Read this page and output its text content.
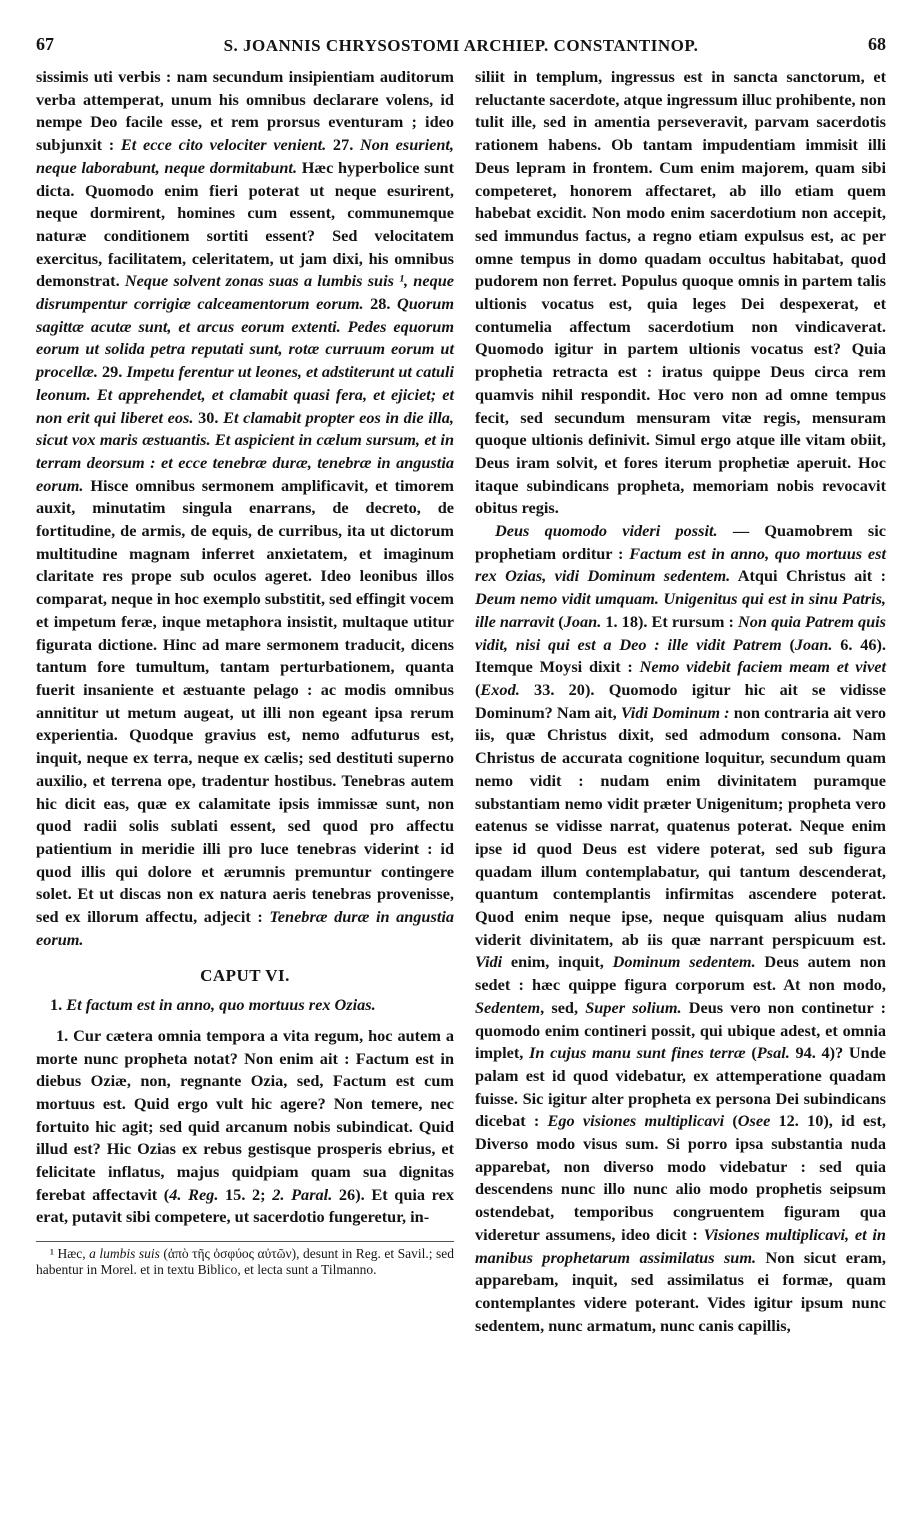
67	S. JOANNIS CHRYSOSTOMI ARCHIEP. CONSTANTINOP.	68

sissimis uti verbis : nam secundum insipientiam auditorum verba attemperat, unum his omnibus declarare volens, id nempe Deo facile esse, et rem prorsus eventuram ; ideo subjunxit : Et ecce cito velociter venient. 27. Non esurient, neque laborabunt, neque dormitabunt. Hæc hyperbolice sunt dicta. Quomodo enim fieri poterat ut neque esurirent, neque dormirent, homines cum essent, communemque naturæ conditionem sortiti essent? Sed velocitatem exercitus, facilitatem, celeritatem, ut jam dixi, his omnibus demonstrat. Neque solvent zonas suas a lumbis suis ¹, neque disrumpentur corrigiæ calceamentorum eorum. 28. Quorum sagittæ acutæ sunt, et arcus eorum extenti. Pedes equorum eorum ut solida petra reputati sunt, rotæ curruum eorum ut procellæ. 29. Impetu ferentur ut leones, et adstiterunt ut catuli leonum. Et apprehendet, et clamabit quasi fera, et ejiciet; et non erit qui liberet eos. 30. Et clamabit propter eos in die illa, sicut vox maris æstuantis. Et aspicient in cælum sursum, et in terram deorsum : et ecce tenebræ duræ, tenebræ in angustia eorum. Hisce omnibus sermonem amplificavit, et timorem auxit, minutatim singula enarrans, de decreto, de fortitudine, de armis, de equis, de curribus, ita ut dictorum multitudine magnam inferret anxietatem, et imaginum claritate res prope sub oculos ageret. Ideo leonibus illos comparat, neque in hoc exemplo substitit, sed effingit vocem et impetum feræ, inque metaphora insistit, multaque utitur figurata dictione. Hinc ad mare sermonem traducit, dicens tantum fore tumultum, tantam perturbationem, quanta fuerit insaniente et æstuante pelago : ac modis omnibus annititur ut metum augeat, ut illi non egeant ipsa rerum experientia. Quodque gravius est, nemo adfuturus est, inquit, neque ex terra, neque ex cælis; sed destituti superno auxilio, et terrena ope, tradentur hostibus. Tenebras autem hic dicit eas, quæ ex calamitate ipsis immissæ sunt, non quod radii solis sublati essent, sed quod pro affectu patientium in meridie illi pro luce tenebras viderint : id quod illis qui dolore et ærumnis premuntur contingere solet. Et ut discas non ex natura aeris tenebras provenisse, sed ex illorum affectu, adjecit : Tenebræ duræ in angustia eorum.

CAPUT VI.

1. Et factum est in anno, quo mortuus rex Ozias.

1. Cur cætera omnia tempora a vita regum, hoc autem a morte nunc propheta notat? Non enim ait : Factum est in diebus Oziæ, non, regnante Ozia, sed, Factum est cum mortuus est. Quid ergo vult hic agere? Non temere, nec fortuito hic agit; sed quid arcanum nobis subindicat. Quid illud est? Hic Ozias ex rebus gestisque prosperis ebrius, et felicitate inflatus, majus quidpiam quam sua dignitas ferebat affectavit (4. Reg. 15. 2; 2. Paral. 26). Et quia rex erat, putavit sibi competere, ut sacerdotio fungeretur, in-

¹ Hæc, a lumbis suis (ἀπὸ τῆς ὀσφύος αὐτῶν), desunt in Reg. et Savil.; sed habentur in Morel. et in textu Biblico, et lecta sunt a Tilmanno.

siliit in templum, ingressus est in sancta sanctorum, et reluctante sacerdote, atque ingressum illuc prohibente, non tulit ille, sed in amentia perseveravit, parvam sacerdotis rationem habens. Ob tantam impudentiam immisit illi Deus lepram in frontem. Cum enim majorem, quam sibi competeret, honorem affectaret, ab illo etiam quem habebat excidit. Non modo enim sacerdotium non accepit, sed immundus factus, a regno etiam expulsus est, ac per omne tempus in domo quadam occultus habitabat, quod pudorem non ferret. Populus quoque omnis in partem talis ultionis vocatus est, quia leges Dei despexerat, et contumelia affectum sacerdotium non vindicaverat. Quomodo igitur in partem ultionis vocatus est? Quia prophetia retracta est : iratus quippe Deus circa rem quamvis nihil respondit. Hoc vero non ad omne tempus fecit, sed secundum mensuram vitæ regis, mensuram quoque ultionis definivit. Simul ergo atque ille vitam obiit, Deus iram solvit, et fores iterum prophetiæ aperuit. Hoc itaque subindicans propheta, memoriam nobis revocavit obitus regis.

Deus quomodo videri possit. — Quamobrem sic prophetiam orditur : Factum est in anno, quo mortuus est rex Ozias, vidi Dominum sedentem. Atqui Christus ait : Deum nemo vidit umquam. Unigenitus qui est in sinu Patris, ille narravit (Joan. 1. 18). Et rursum : Non quia Patrem quis vidit, nisi qui est a Deo : ille vidit Patrem (Joan. 6. 46). Itemque Moysi dixit : Nemo videbit faciem meam et vivet (Exod. 33. 20). Quomodo igitur hic ait se vidisse Dominum? Nam ait, Vidi Dominum : non contraria ait vero iis, quæ Christus dixit, sed admodum consona. Nam Christus de accurata cognitione loquitur, secundum quam nemo vidit : nudam enim divinitatem puramque substantiam nemo vidit præter Unigenitum; propheta vero eatenus se vidisse narrat, quatenus poterat. Neque enim ipse id quod Deus est videre poterat, sed sub figura quadam illum contemplabatur, qui tantum descenderat, quantum contemplantis infirmitas ascendere poterat. Quod enim neque ipse, neque quisquam alius nudam viderit divinitatem, ab iis quæ narrant perspicuum est. Vidi enim, inquit, Dominum sedentem. Deus autem non sedet : hæc quippe figura corporum est. At non modo, Sedentem, sed, Super solium. Deus vero non continetur : quomodo enim contineri possit, qui ubique adest, et omnia implet, In cujus manu sunt fines terræ (Psal. 94. 4)? Unde palam est id quod videbatur, ex attemperatione quadam fuisse. Sic igitur alter propheta ex persona Dei subindicans dicebat : Ego visiones multiplicavi (Osee 12. 10), id est, Diverso modo visus sum. Si porro ipsa substantia nuda apparebat, non diverso modo videbatur : sed quia descendens nunc illo nunc alio modo prophetis seipsum ostendebat, temporibus congruentem figuram qua videretur assumens, ideo dicit : Visiones multiplicavi, et in manibus prophetarum assimilatus sum. Non sicut eram, apparebam, inquit, sed assimilatus ei formæ, quam contemplantes videre poterant. Vides igitur ipsum nunc sedentem, nunc armatum, nunc canis capillis,
